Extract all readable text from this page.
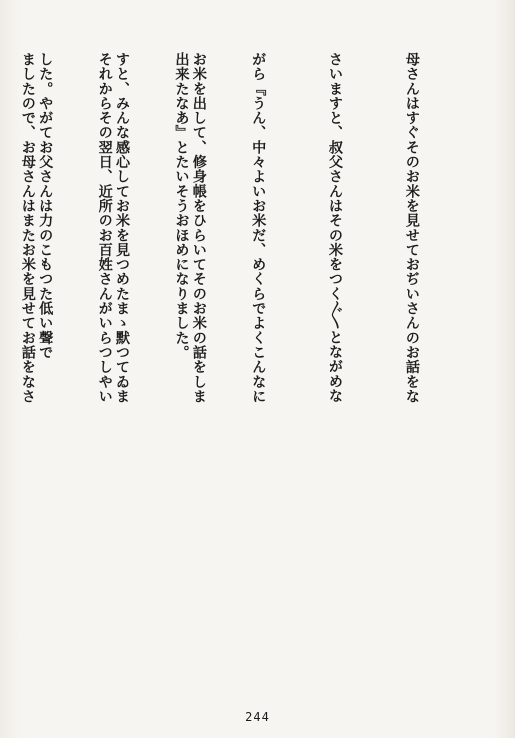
母さんはすぐそのお米を見せておぢいさんのお話をな

さいますと、叔父さんはその米をつく〴〵とながめな

がら『うん、中々よいお米だ、めくらでよくこんなに

出来たなあ』とたいそうおほめになりました。

それからその翌日、近所のお百姓さんがいらつしやい

ましたので、お母さんはまたお米を見せてお話をなさ

	お米を出して、修身帳をひらいてそのお米の話をしま

すと、みんな感心してお米を見つめたまゝ默つてゐま

した。やがてお父さんは力のこもつた低い聲で

244
